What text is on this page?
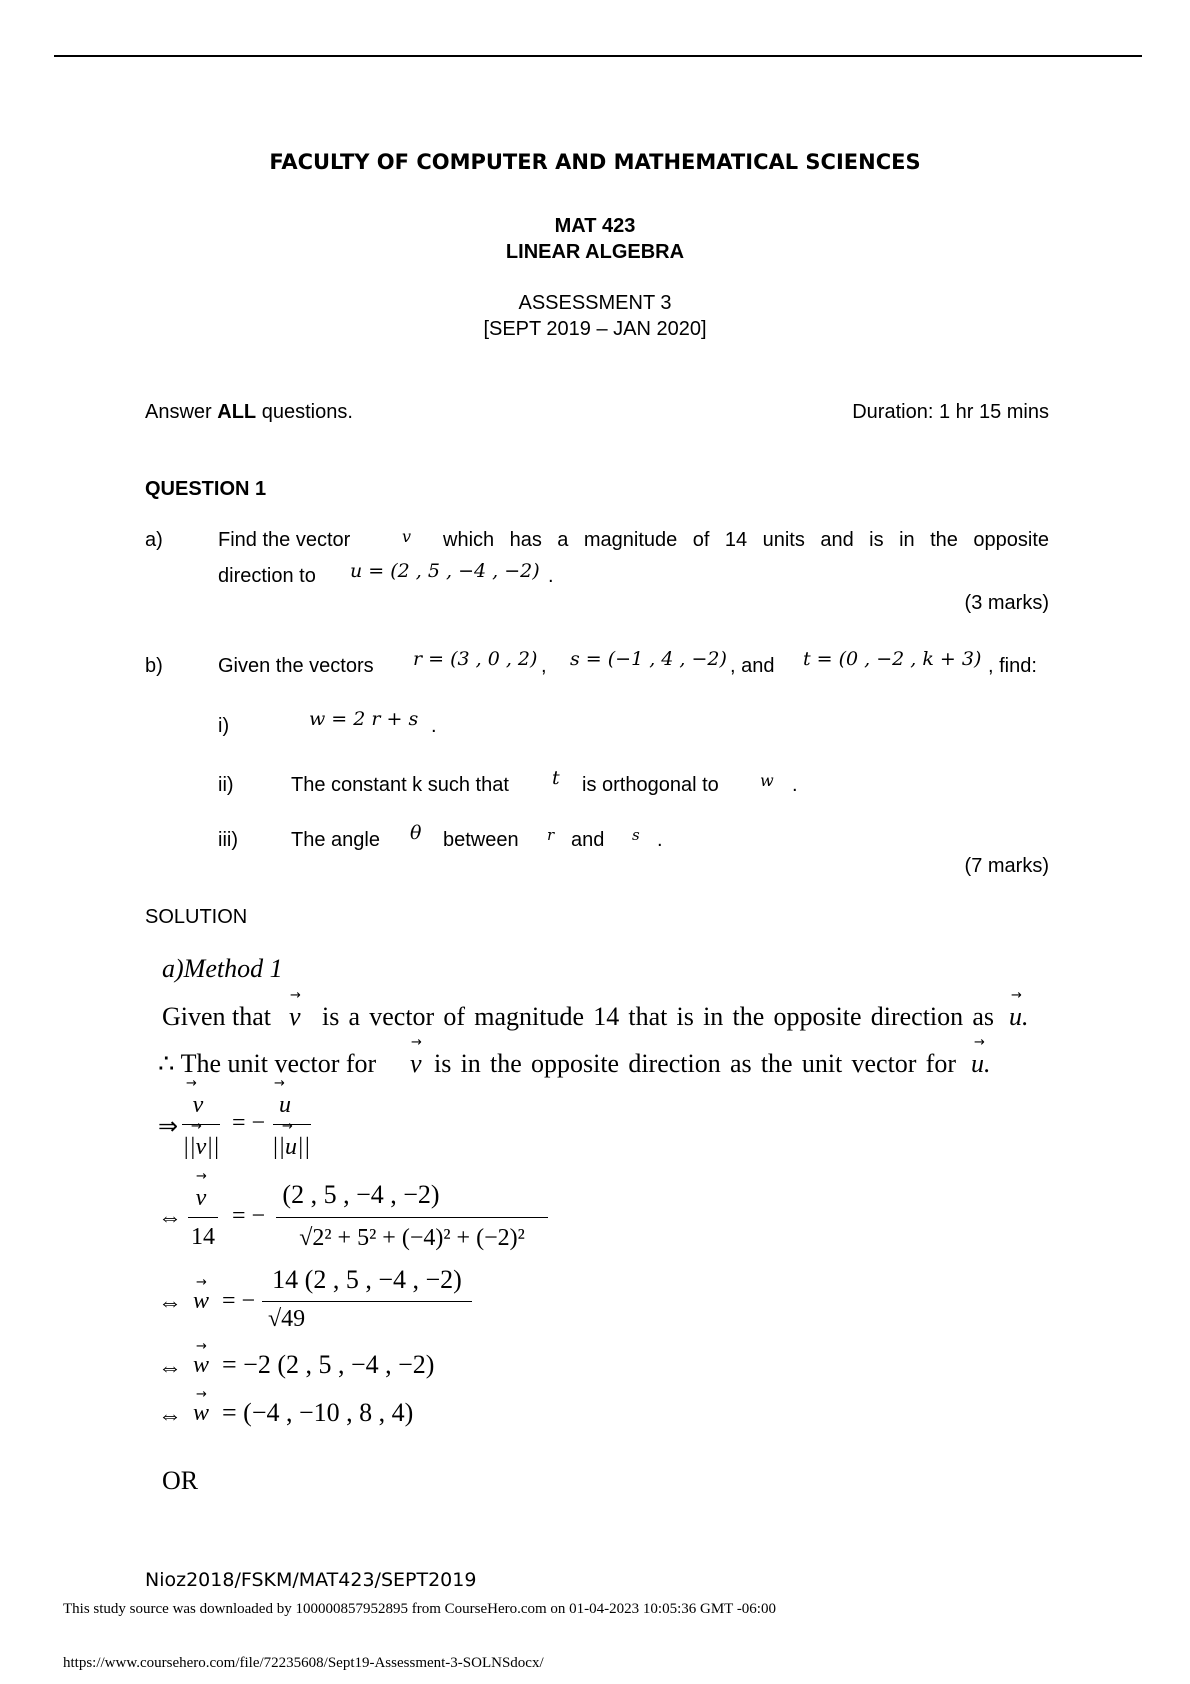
FACULTY OF COMPUTER AND MATHEMATICAL SCIENCES
MAT 423
LINEAR ALGEBRA
ASSESSMENT 3
[SEPT 2019 – JAN 2020]
Answer ALL questions.	Duration: 1 hr 15 mins
QUESTION 1
a)	Find the vector	v which has a magnitude of 14 units and is in the opposite
direction to u = (2 , 5 , −4 , −2) .
(3 marks)
b)	Given the vectors r = (3 , 0 , 2) , s = (−1 , 4 , −2) , and t = (0 , −2 , k + 3) , find:
i)	w = 2 r + s .
ii)	The constant k such that t is orthogonal to	w .
iii)	The angle θ between r and s .
(7 marks)
SOLUTION
a)Method 1
Given that
→
v is a vector of magnitude 14 that is in the opposite direction as
→
u.
∴ The unit vector for
→
v is in the opposite direction as the unit vector for
→
u.
⇒
→
v
→
||v||
= −
→
u
→
||u||
⇔
→
v
14
= −
(2 , 5 , −4 , −2)
√2² + 5² + (−4)² + (−2)²
⇔
→
w = −
14 (2 , 5 , −4 , −2)
√49
⇔
→
w = −2 (2 , 5 , −4 , −2)
⇔
→
w = (−4 , −10 , 8 , 4)
OR
Nioz2018/FSKM/MAT423/SEPT2019
This study source was downloaded by 100000857952895 from CourseHero.com on 01-04-2023 10:05:36 GMT -06:00
https://www.coursehero.com/file/72235608/Sept19-Assessment-3-SOLNSdocx/
